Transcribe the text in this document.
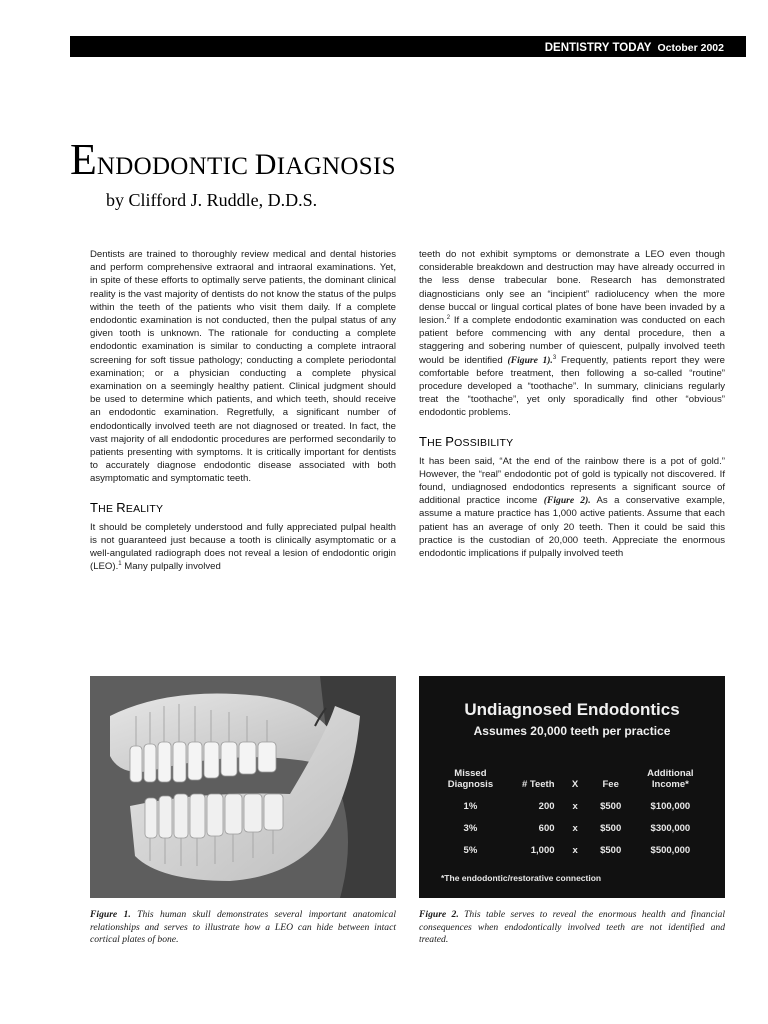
DENTISTRY TODAY October 2002
ENDODONTIC DIAGNOSIS
by Clifford J. Ruddle, D.D.S.

Dentists are trained to thoroughly review medical and dental histories and perform comprehensive extraoral and intraoral examinations. Yet, in spite of these efforts to optimally serve patients, the dominant clinical reality is the vast majority of dentists do not know the status of the pulps within the teeth of the patients who visit them daily. If a complete endodontic examination is not conducted, then the pulpal status of any given tooth is unknown. The rationale for conducting a complete endodontic examination is similar to conducting a complete intraoral screening for soft tissue pathology; conducting a complete periodontal examination; or a physician conducting a complete physical examination on a seemingly healthy patient. Clinical judgment should be used to determine which patients, and which teeth, should receive an endodontic examination. Regretfully, a significant number of endodontically involved teeth are not diagnosed or treated. In fact, the vast majority of all endodontic procedures are performed secondarily to patients presenting with symptoms. It is critically important for dentists to accurately diagnose endodontic disease associated with both asymptomatic and symptomatic teeth.

THE REALITY

It should be completely understood and fully appreciated pulpal health is not guaranteed just because a tooth is clinically asymptomatic or a well-angulated radiograph does not reveal a lesion of endodontic origin (LEO).$^1$ Many pulpally involved

teeth do not exhibit symptoms or demonstrate a LEO even though considerable breakdown and destruction may have already occurred in the less dense trabecular bone. Research has demonstrated diagnosticians only see an “incipient” radiolucency when the more dense buccal or lingual cortical plates of bone have been invaded by a lesion.$^2$ If a complete endodontic examination was conducted on each patient before commencing with any dental procedure, then a staggering and sobering number of quiescent, pulpally involved teeth would be identified (Figure 1).$^3$ Frequently, patients report they were comfortable before treatment, then following a so-called “routine” procedure developed a “toothache”. In summary, clinicians regularly treat the “toothache”, yet only sporadically find other “obvious” endodontic problems.

THE POSSIBILITY

It has been said, “At the end of the rainbow there is a pot of gold.” However, the “real” endodontic pot of gold is typically not discovered. If found, undiagnosed endodontics represents a significant source of additional practice income (Figure 2). As a conservative example, assume a mature practice has 1,000 active patients. Assume that each patient has an average of only 20 teeth. Then it could be said this practice is the custodian of 20,000 teeth. Appreciate the enormous endodontic implications if pulpally involved teeth

Figure 1. This human skull demonstrates several important anatomical relationships and serves to illustrate how a LEO can hide between intact cortical plates of bone.
Undiagnosed Endodontics
Assumes 20,000 teeth per practice
Missed
Diagnosis	# Teeth	X	Fee	Additional
Income*
1%	200	x	$500	$100,000
3%	600	x	$500	$300,000
5%	1,000	x	$500	$500,000
*The endodontic/restorative connection
Figure 2. This table serves to reveal the enormous health and financial consequences when endodontically involved teeth are not identified and treated.
